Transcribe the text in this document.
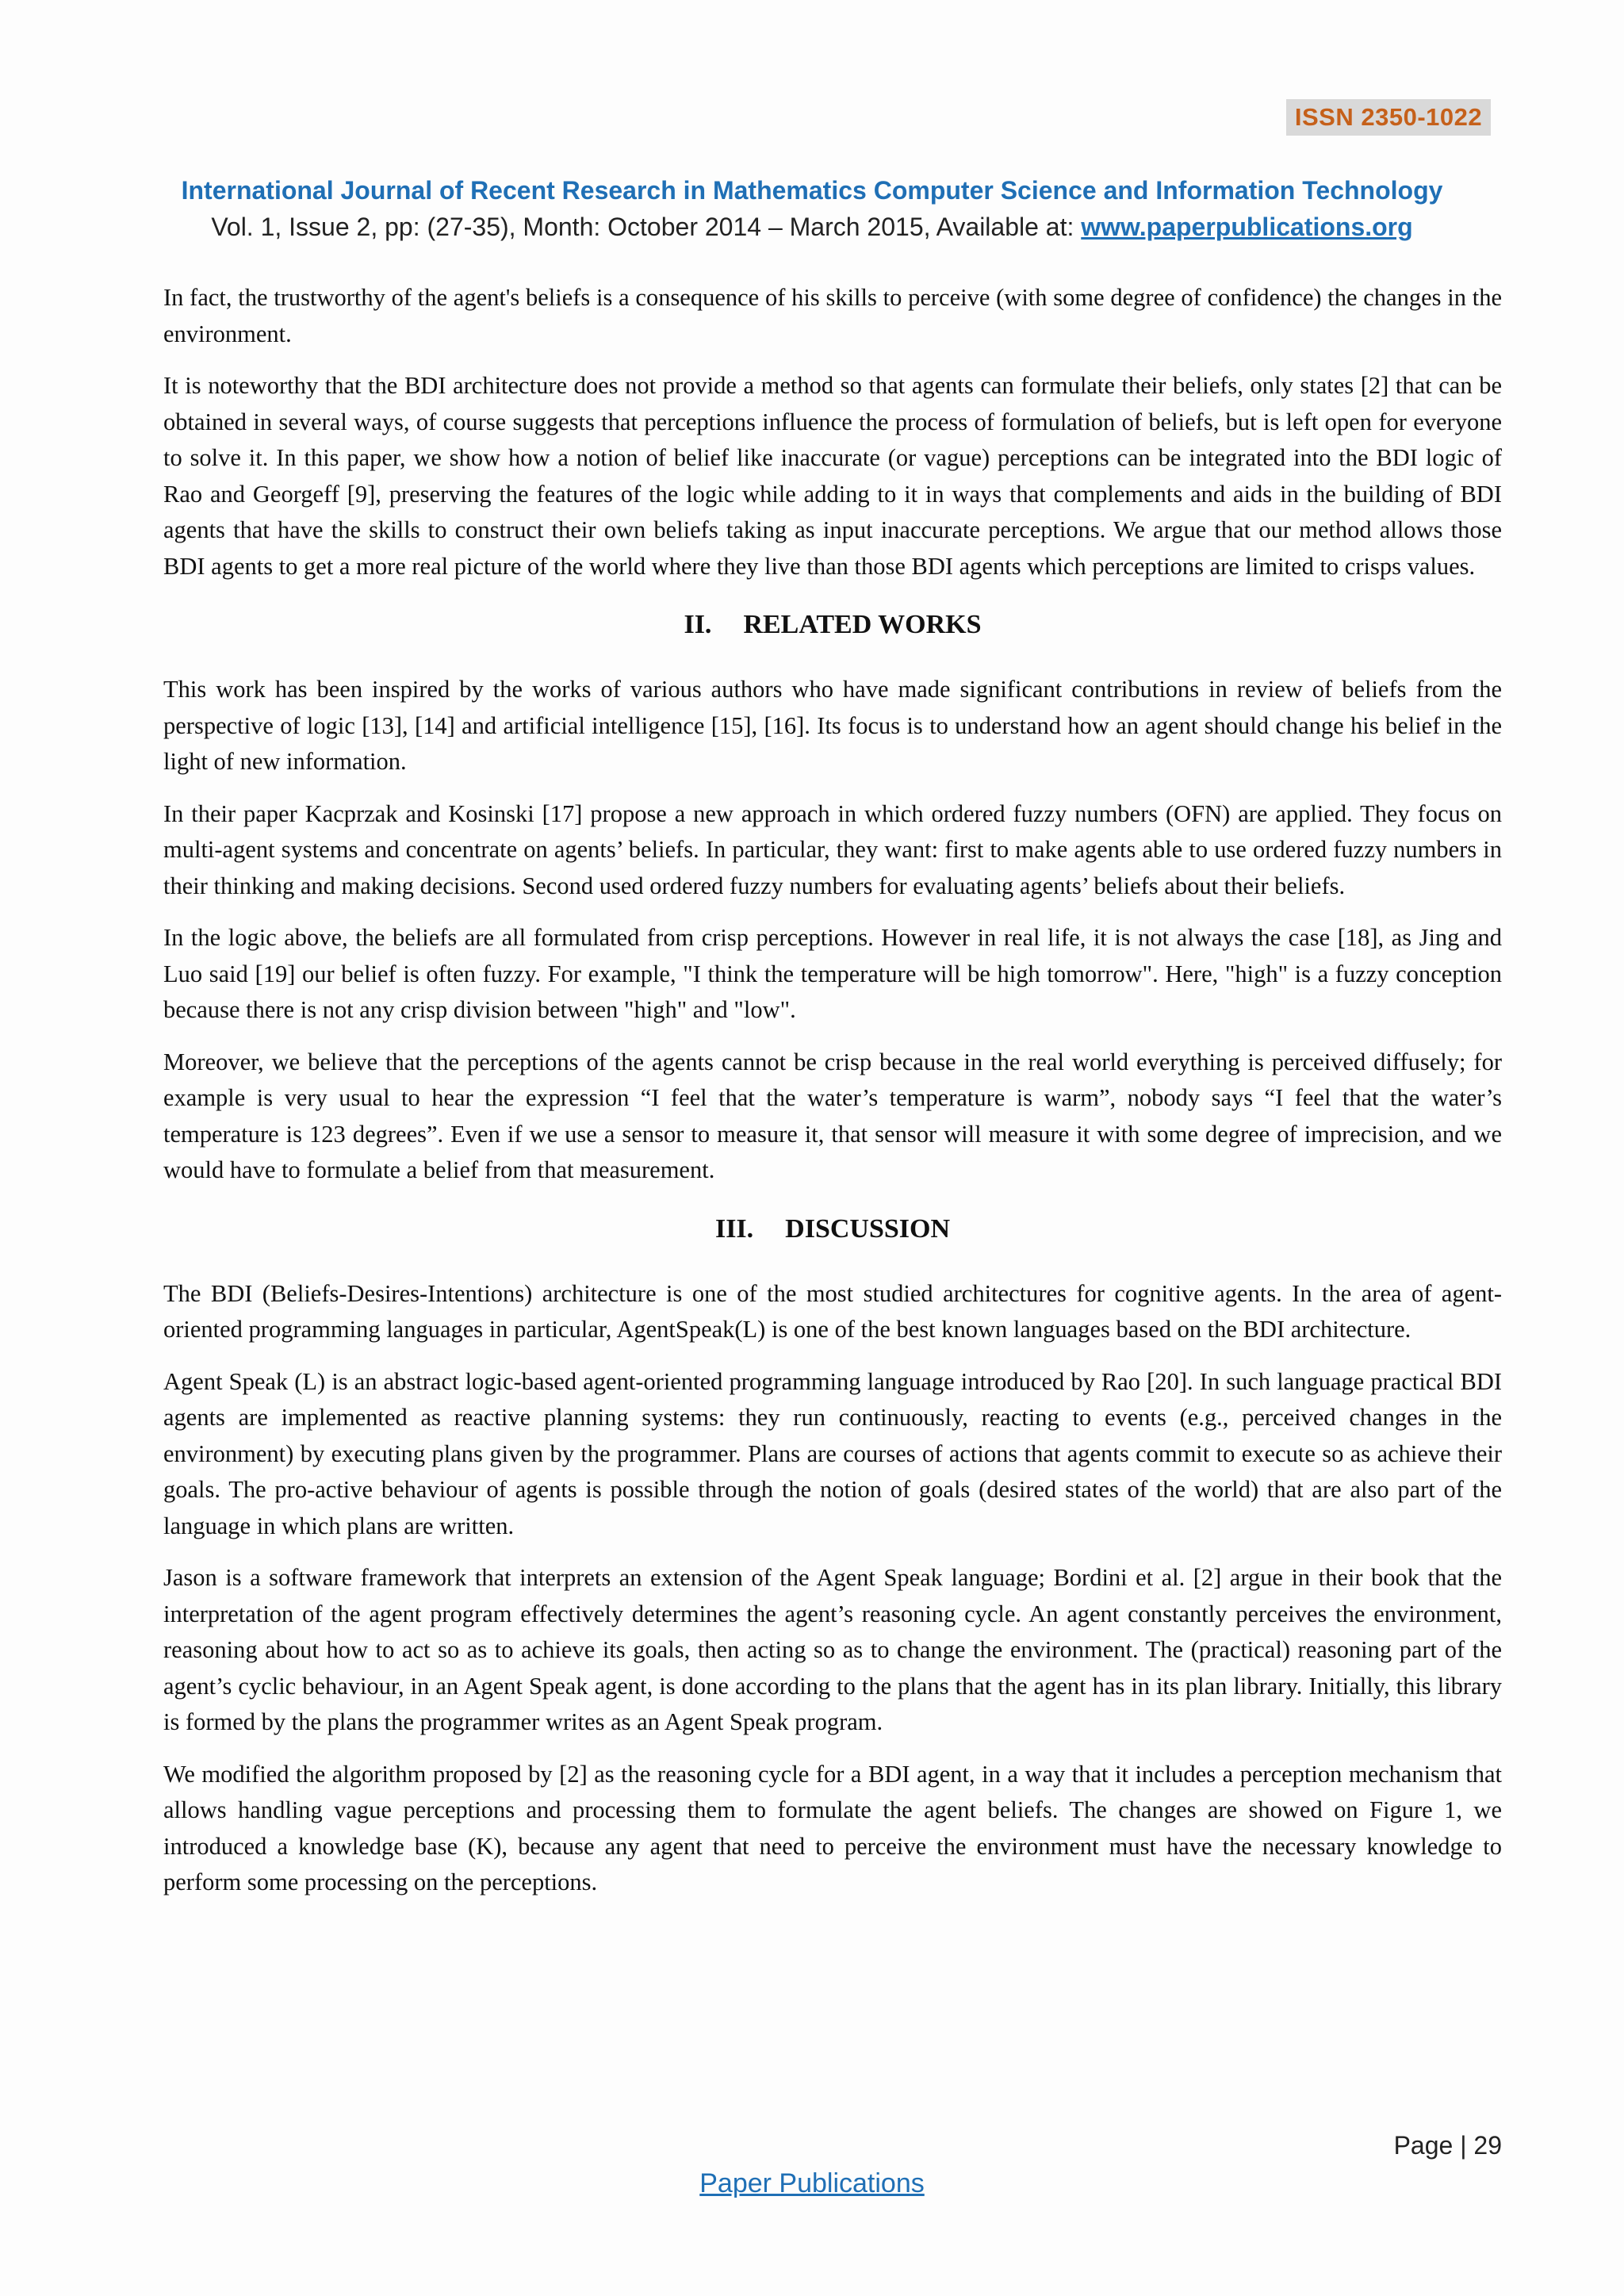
ISSN 2350-1022
International Journal of Recent Research in Mathematics Computer Science and Information Technology
Vol. 1, Issue 2, pp: (27-35), Month: October 2014 – March 2015, Available at: www.paperpublications.org

In fact, the trustworthy of the agent's beliefs is a consequence of his skills to perceive (with some degree of confidence) the changes in the environment.

It is noteworthy that the BDI architecture does not provide a method so that agents can formulate their beliefs, only states [2] that can be obtained in several ways, of course suggests that perceptions influence the process of formulation of beliefs, but is left open for everyone to solve it. In this paper, we show how a notion of belief like inaccurate (or vague) perceptions can be integrated into the BDI logic of Rao and Georgeff [9], preserving the features of the logic while adding to it in ways that complements and aids in the building of BDI agents that have the skills to construct their own beliefs taking as input inaccurate perceptions. We argue that our method allows those BDI agents to get a more real picture of the world where they live than those BDI agents which perceptions are limited to crisps values.

II. RELATED WORKS

This work has been inspired by the works of various authors who have made significant contributions in review of beliefs from the perspective of logic [13], [14] and artificial intelligence [15], [16]. Its focus is to understand how an agent should change his belief in the light of new information.

In their paper Kacprzak and Kosinski [17] propose a new approach in which ordered fuzzy numbers (OFN) are applied. They focus on multi-agent systems and concentrate on agents’ beliefs. In particular, they want: first to make agents able to use ordered fuzzy numbers in their thinking and making decisions. Second used ordered fuzzy numbers for evaluating agents’ beliefs about their beliefs.

In the logic above, the beliefs are all formulated from crisp perceptions. However in real life, it is not always the case [18], as Jing and Luo said [19] our belief is often fuzzy. For example, "I think the temperature will be high tomorrow". Here, "high" is a fuzzy conception because there is not any crisp division between "high" and "low".

Moreover, we believe that the perceptions of the agents cannot be crisp because in the real world everything is perceived diffusely; for example is very usual to hear the expression “I feel that the water’s temperature is warm”, nobody says “I feel that the water’s temperature is 123 degrees”. Even if we use a sensor to measure it, that sensor will measure it with some degree of imprecision, and we would have to formulate a belief from that measurement.

III. DISCUSSION

The BDI (Beliefs-Desires-Intentions) architecture is one of the most studied architectures for cognitive agents. In the area of agent-oriented programming languages in particular, AgentSpeak(L) is one of the best known languages based on the BDI architecture.

Agent Speak (L) is an abstract logic-based agent-oriented programming language introduced by Rao [20]. In such language practical BDI agents are implemented as reactive planning systems: they run continuously, reacting to events (e.g., perceived changes in the environment) by executing plans given by the programmer. Plans are courses of actions that agents commit to execute so as achieve their goals. The pro-active behaviour of agents is possible through the notion of goals (desired states of the world) that are also part of the language in which plans are written.

Jason is a software framework that interprets an extension of the Agent Speak language; Bordini et al. [2] argue in their book that the interpretation of the agent program effectively determines the agent’s reasoning cycle. An agent constantly perceives the environment, reasoning about how to act so as to achieve its goals, then acting so as to change the environment. The (practical) reasoning part of the agent’s cyclic behaviour, in an Agent Speak agent, is done according to the plans that the agent has in its plan library. Initially, this library is formed by the plans the programmer writes as an Agent Speak program.

We modified the algorithm proposed by [2] as the reasoning cycle for a BDI agent, in a way that it includes a perception mechanism that allows handling vague perceptions and processing them to formulate the agent beliefs. The changes are showed on Figure 1, we introduced a knowledge base (K), because any agent that need to perceive the environment must have the necessary knowledge to perform some processing on the perceptions.

Page | 29
Paper Publications
